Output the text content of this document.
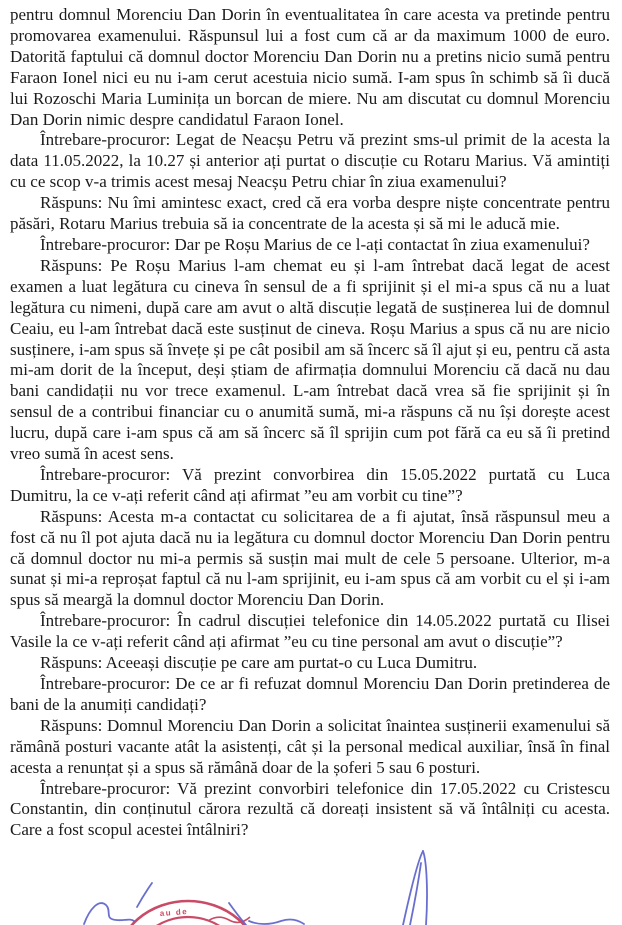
pentru domnul Morenciu Dan Dorin în eventualitatea în care acesta va pretinde pentru promovarea examenului. Răspunsul lui a fost cum că ar da maximum 1000 de euro. Datorită faptului că domnul doctor Morenciu Dan Dorin nu a pretins nicio sumă pentru Faraon Ionel nici eu nu i-am cerut acestuia nicio sumă. I-am spus în schimb să îi ducă lui Rozoschi Maria Luminița un borcan de miere. Nu am discutat cu domnul Morenciu Dan Dorin nimic despre candidatul Faraon Ionel.

Întrebare-procuror: Legat de Neacșu Petru vă prezint sms-ul primit de la acesta la data 11.05.2022, la 10.27 și anterior ați purtat o discuție cu Rotaru Marius. Vă amintiți cu ce scop v-a trimis acest mesaj Neacșu Petru chiar în ziua examenului?

Răspuns: Nu îmi amintesc exact, cred că era vorba despre niște concentrate pentru păsări, Rotaru Marius trebuia să ia concentrate de la acesta și să mi le aducă mie.

Întrebare-procuror: Dar pe Roșu Marius de ce l-ați contactat în ziua examenului?

Răspuns: Pe Roșu Marius l-am chemat eu și l-am întrebat dacă legat de acest examen a luat legătura cu cineva în sensul de a fi sprijinit și el mi-a spus că nu a luat legătura cu nimeni, după care am avut o altă discuție legată de susținerea lui de domnul Ceaiu, eu l-am întrebat dacă este susținut de cineva. Roșu Marius a spus că nu are nicio susținere, i-am spus să învețe și pe cât posibil am să încerc să îl ajut și eu, pentru că asta mi-am dorit de la început, deși știam de afirmația domnului Morenciu că dacă nu dau bani candidații nu vor trece examenul. L-am întrebat dacă vrea să fie sprijinit și în sensul de a contribui financiar cu o anumită sumă, mi-a răspuns că nu își dorește acest lucru, după care i-am spus că am să încerc să îl sprijin cum pot fără ca eu să îi pretind vreo sumă în acest sens.

Întrebare-procuror: Vă prezint convorbirea din 15.05.2022 purtată cu Luca Dumitru, la ce v-ați referit când ați afirmat ”eu am vorbit cu tine”?

Răspuns: Acesta m-a contactat cu solicitarea de a fi ajutat, însă răspunsul meu a fost că nu îl pot ajuta dacă nu ia legătura cu domnul doctor Morenciu Dan Dorin pentru că domnul doctor nu mi-a permis să susțin mai mult de cele 5 persoane. Ulterior, m-a sunat și mi-a reproșat faptul că nu l-am sprijinit, eu i-am spus că am vorbit cu el și i-am spus să meargă la domnul doctor Morenciu Dan Dorin.

Întrebare-procuror: În cadrul discuției telefonice din 14.05.2022 purtată cu Ilisei Vasile la ce v-ați referit când ați afirmat ”eu cu tine personal am avut o discuție”?

Răspuns: Aceeași discuție pe care am purtat-o cu Luca Dumitru.

Întrebare-procuror: De ce ar fi refuzat domnul Morenciu Dan Dorin pretinderea de bani de la anumiți candidați?

Răspuns: Domnul Morenciu Dan Dorin a solicitat înaintea susținerii examenului să rămână posturi vacante atât la asistenți, cât și la personal medical auxiliar, însă în final acesta a renunțat și a spus să rămână doar de la șoferi 5 sau 6 posturi.

Întrebare-procuror: Vă prezint convorbiri telefonice din 17.05.2022 cu Cristescu Constantin, din conținutul cărora rezultă că doreați insistent să vă întâlniți cu acesta. Care a fost scopul acestei întâlniri?

au de
